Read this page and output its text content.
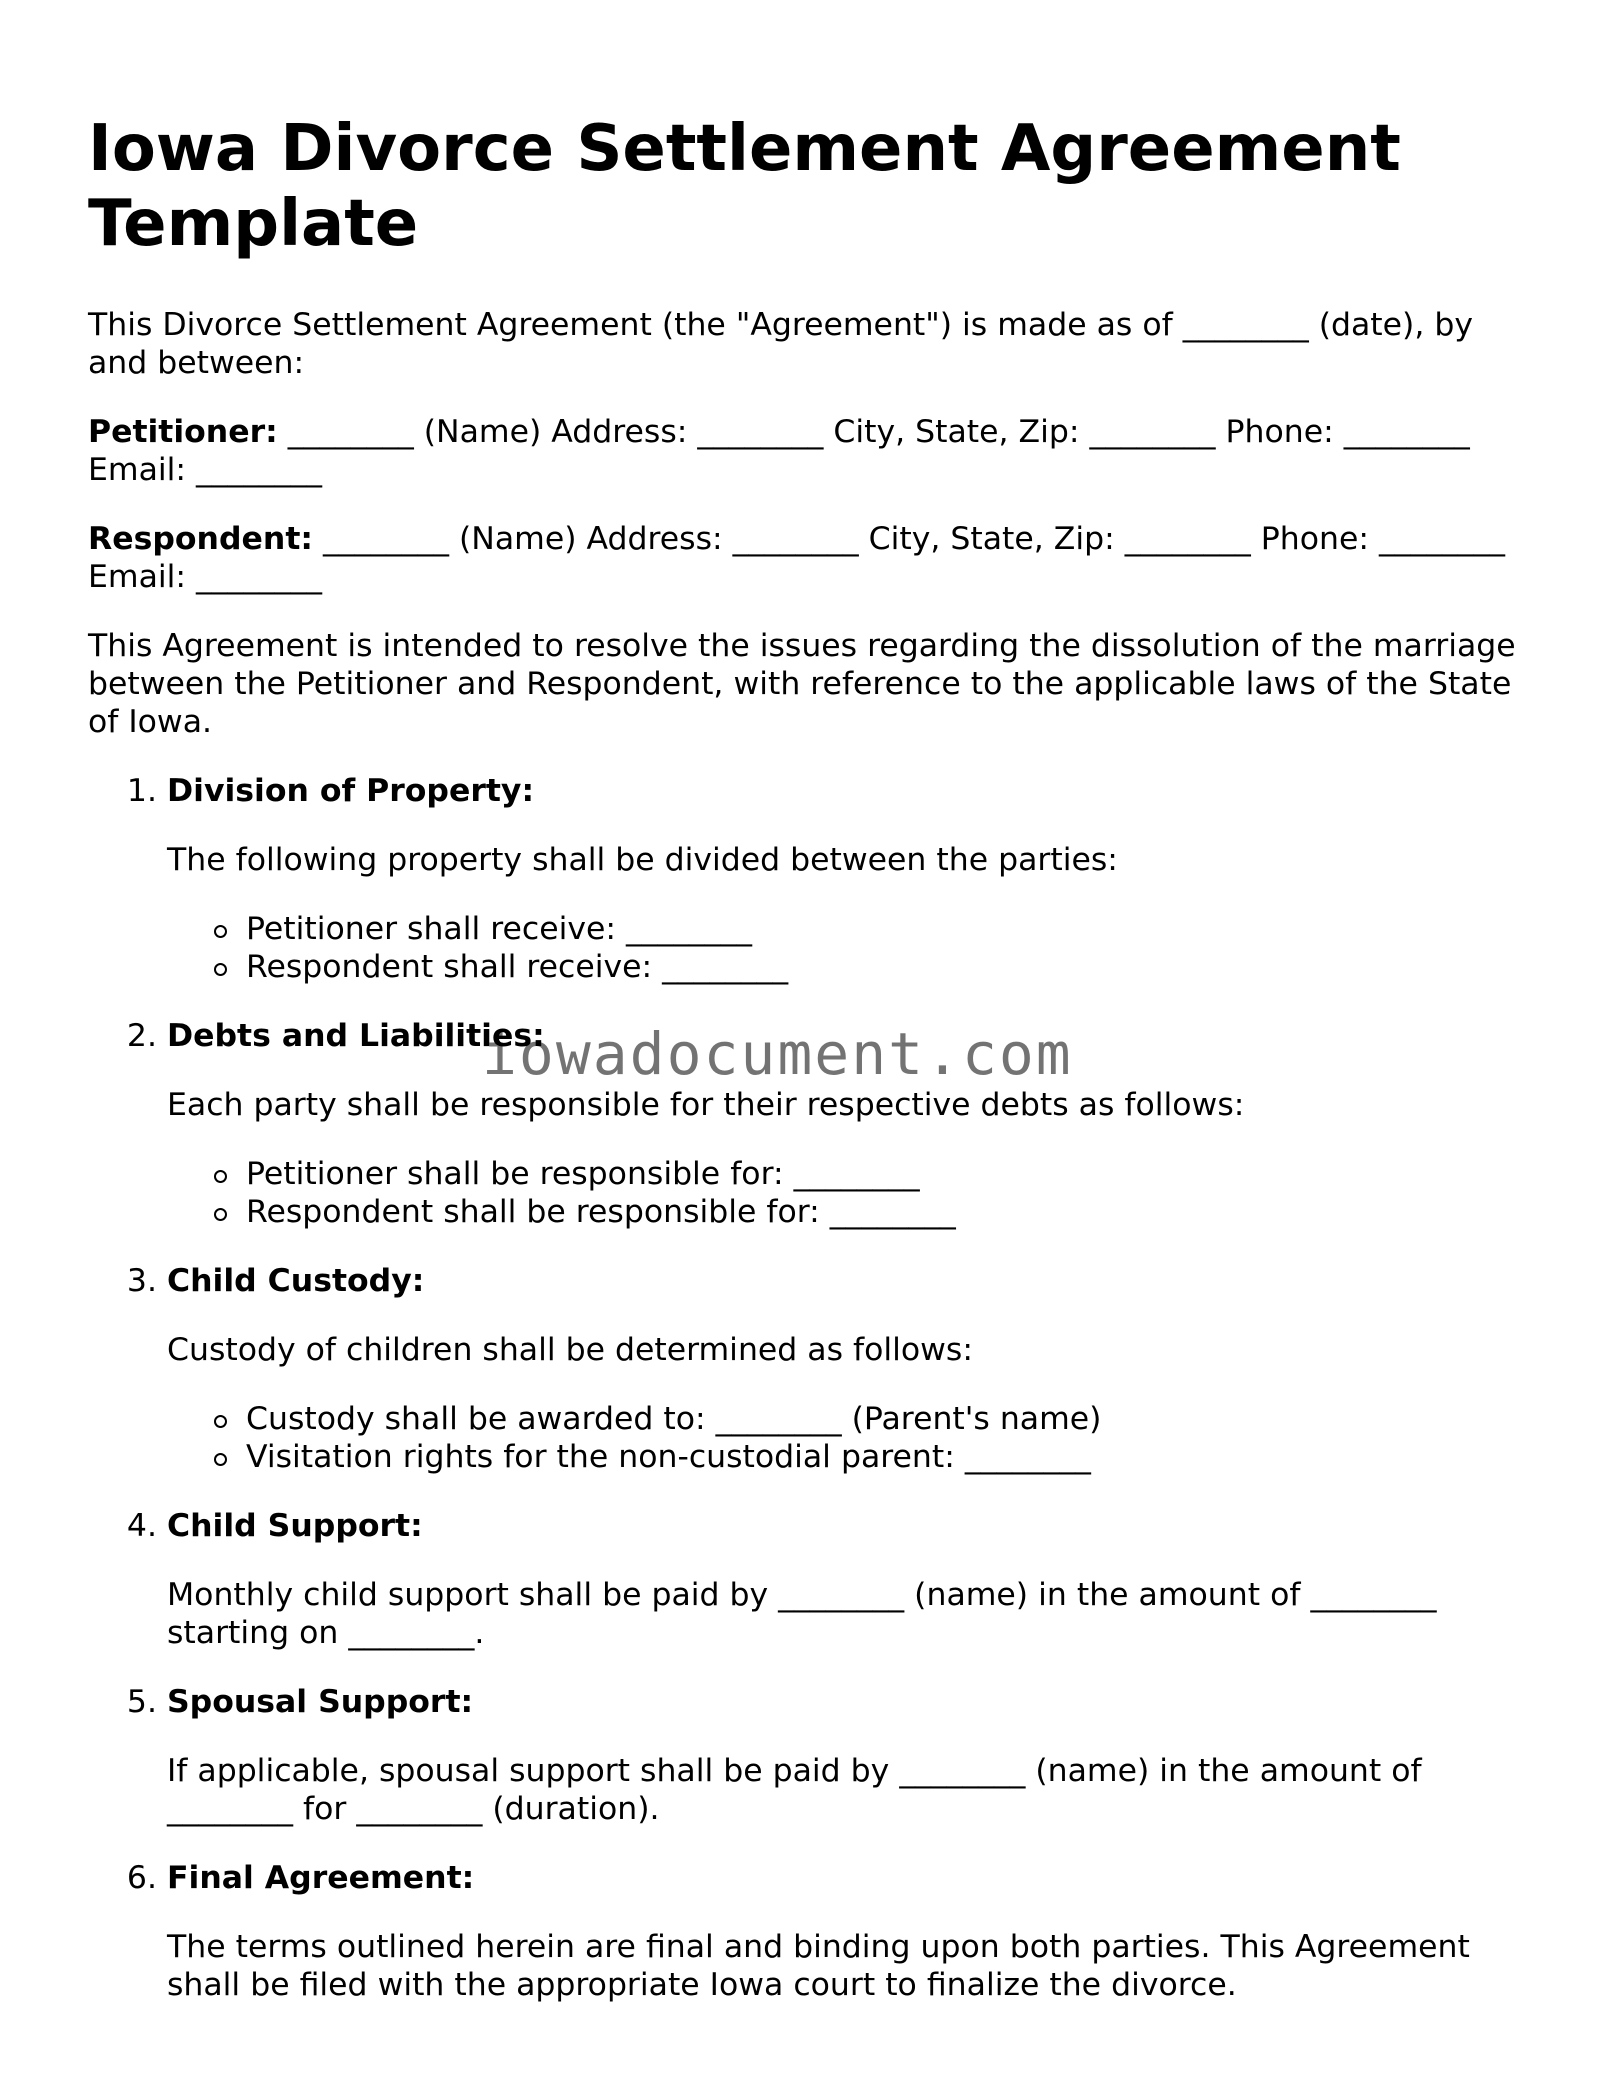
Iowa Divorce Settlement Agreement Template

This Divorce Settlement Agreement (the "Agreement") is made as of ________ (date), by and between:

Petitioner: ________ (Name) Address: ________ City, State, Zip: ________ Phone: ________ Email: ________

Respondent: ________ (Name) Address: ________ City, State, Zip: ________ Phone: ________ Email: ________

This Agreement is intended to resolve the issues regarding the dissolution of the marriage between the Petitioner and Respondent, with reference to the applicable laws of the State of Iowa.

1. Division of Property:

The following property shall be divided between the parties:

Petitioner shall receive: ________
Respondent shall receive: ________
2. Debts and Liabilities:

Each party shall be responsible for their respective debts as follows:

Petitioner shall be responsible for: ________
Respondent shall be responsible for: ________
3. Child Custody:

Custody of children shall be determined as follows:

Custody shall be awarded to: ________ (Parent's name)
Visitation rights for the non-custodial parent: ________
4. Child Support:

Monthly child support shall be paid by ________ (name) in the amount of ________ starting on ________.

5. Spousal Support:

If applicable, spousal support shall be paid by ________ (name) in the amount of ________ for ________ (duration).

6. Final Agreement:

The terms outlined herein are final and binding upon both parties. This Agreement shall be filed with the appropriate Iowa court to finalize the divorce.

iowadocument.com
